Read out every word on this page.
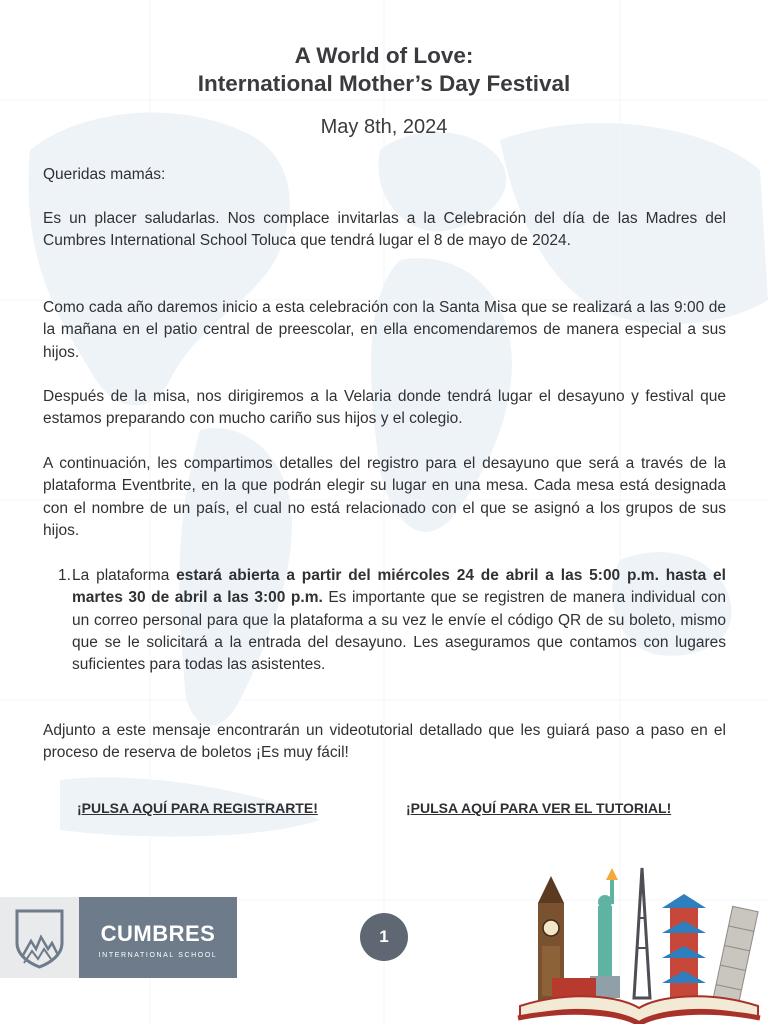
A World of Love:
International Mother’s Day Festival
May 8th, 2024
Queridas mamás:
Es un placer saludarlas. Nos complace invitarlas a la Celebración del día de las Madres del Cumbres International School Toluca que tendrá lugar el 8 de mayo de 2024.
Como cada año daremos inicio a esta celebración con la Santa Misa que se realizará a las 9:00 de la mañana en el patio central de preescolar, en ella encomendaremos de manera especial a sus hijos.
Después de la misa, nos dirigiremos a la Velaria donde tendrá lugar el desayuno y festival que estamos preparando con mucho cariño sus hijos y el colegio.
A continuación, les compartimos detalles del registro para el desayuno que será a través de la plataforma Eventbrite, en la que podrán elegir su lugar en una mesa. Cada mesa está designada con el nombre de un país, el cual no está relacionado con el que se asignó a los grupos de sus hijos.
1. La plataforma estará abierta a partir del miércoles 24 de abril a las 5:00 p.m. hasta el martes 30 de abril a las 3:00 p.m. Es importante que se registren de manera individual con un correo personal para que la plataforma a su vez le envíe el código QR de su boleto, mismo que se le solicitará a la entrada del desayuno. Les aseguramos que contamos con lugares suficientes para todas las asistentes.
Adjunto a este mensaje encontrarán un videotutorial detallado que les guiará paso a paso en el proceso de reserva de boletos ¡Es muy fácil!
¡PULSA AQUÍ PARA REGISTRARTE!	¡PULSA AQUÍ PARA VER EL TUTORIAL!
CUMBRES
INTERNATIONAL SCHOOL
1
